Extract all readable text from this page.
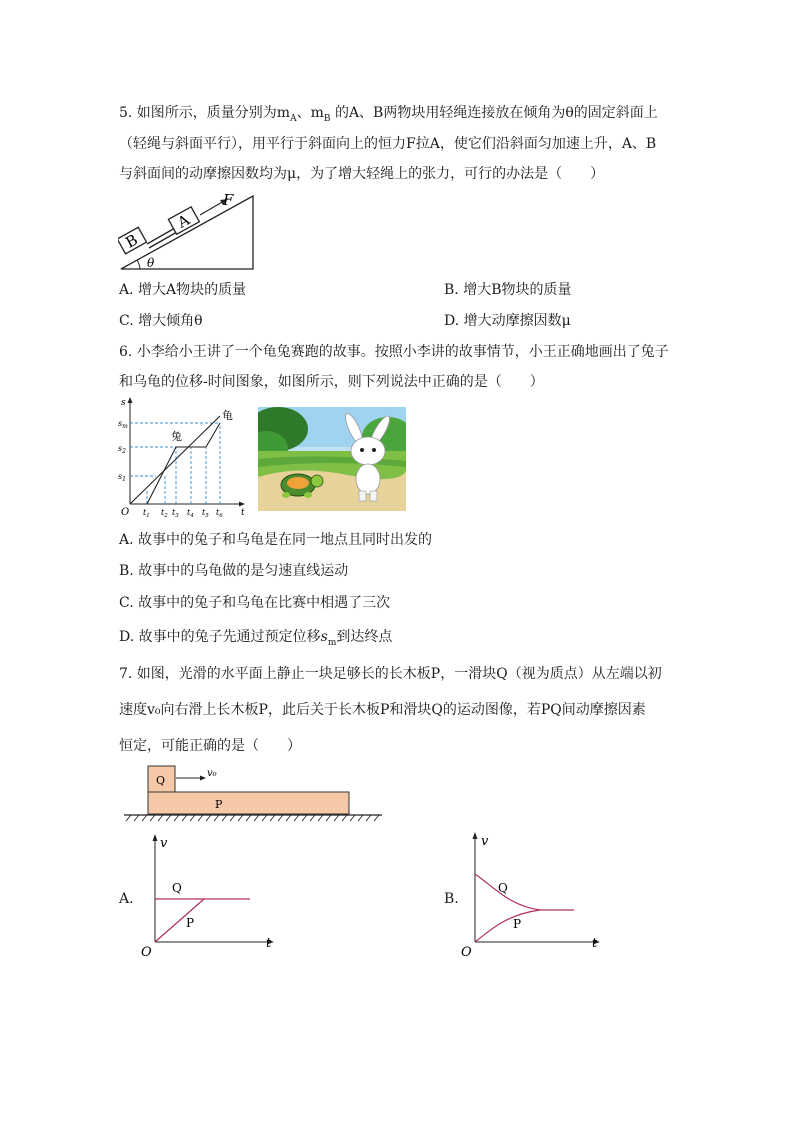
5. 如图所示，质量分别为$m_A$、$m_B$ 的A、B两物块用轻绳连接放在倾角为θ的固定斜面上
（轻绳与斜面平行），用平行于斜面向上的恒力F拉A，使它们沿斜面匀加速上升，A、B
与斜面间的动摩擦因数均为μ，为了增大轻绳上的张力，可行的办法是（　　）
B
A
F
θ
A. 增大A物块的质量	B. 增大B物块的质量
C. 增大倾角θ	D. 增大动摩擦因数μ
6. 小李给小王讲了一个龟兔赛跑的故事。按照小李讲的故事情节，小王正确地画出了兔子
和乌龟的位移-时间图象，如图所示，则下列说法中正确的是（　　）
s
t
O
$s_m$
$s_2$
$s_1$
$t_1$ $t_2$ $t_3$ $t_4$ $t_5$ $t_6$
龟
兔
A. 故事中的兔子和乌龟是在同一地点且同时出发的
B. 故事中的乌龟做的是匀速直线运动
C. 故事中的兔子和乌龟在比赛中相遇了三次
D. 故事中的兔子先通过预定位移$s_m$到达终点
7. 如图，光滑的水平面上静止一块足够长的长木板P，一滑块Q（视为质点）从左端以初
速度v₀向右滑上长木板P，此后关于长木板P和滑块Q的运动图像，若PQ间动摩擦因素
恒定，可能正确的是（　　）
Q
v₀
P
A.
v
t
O
Q
P
B.
v
t
O
Q
P
